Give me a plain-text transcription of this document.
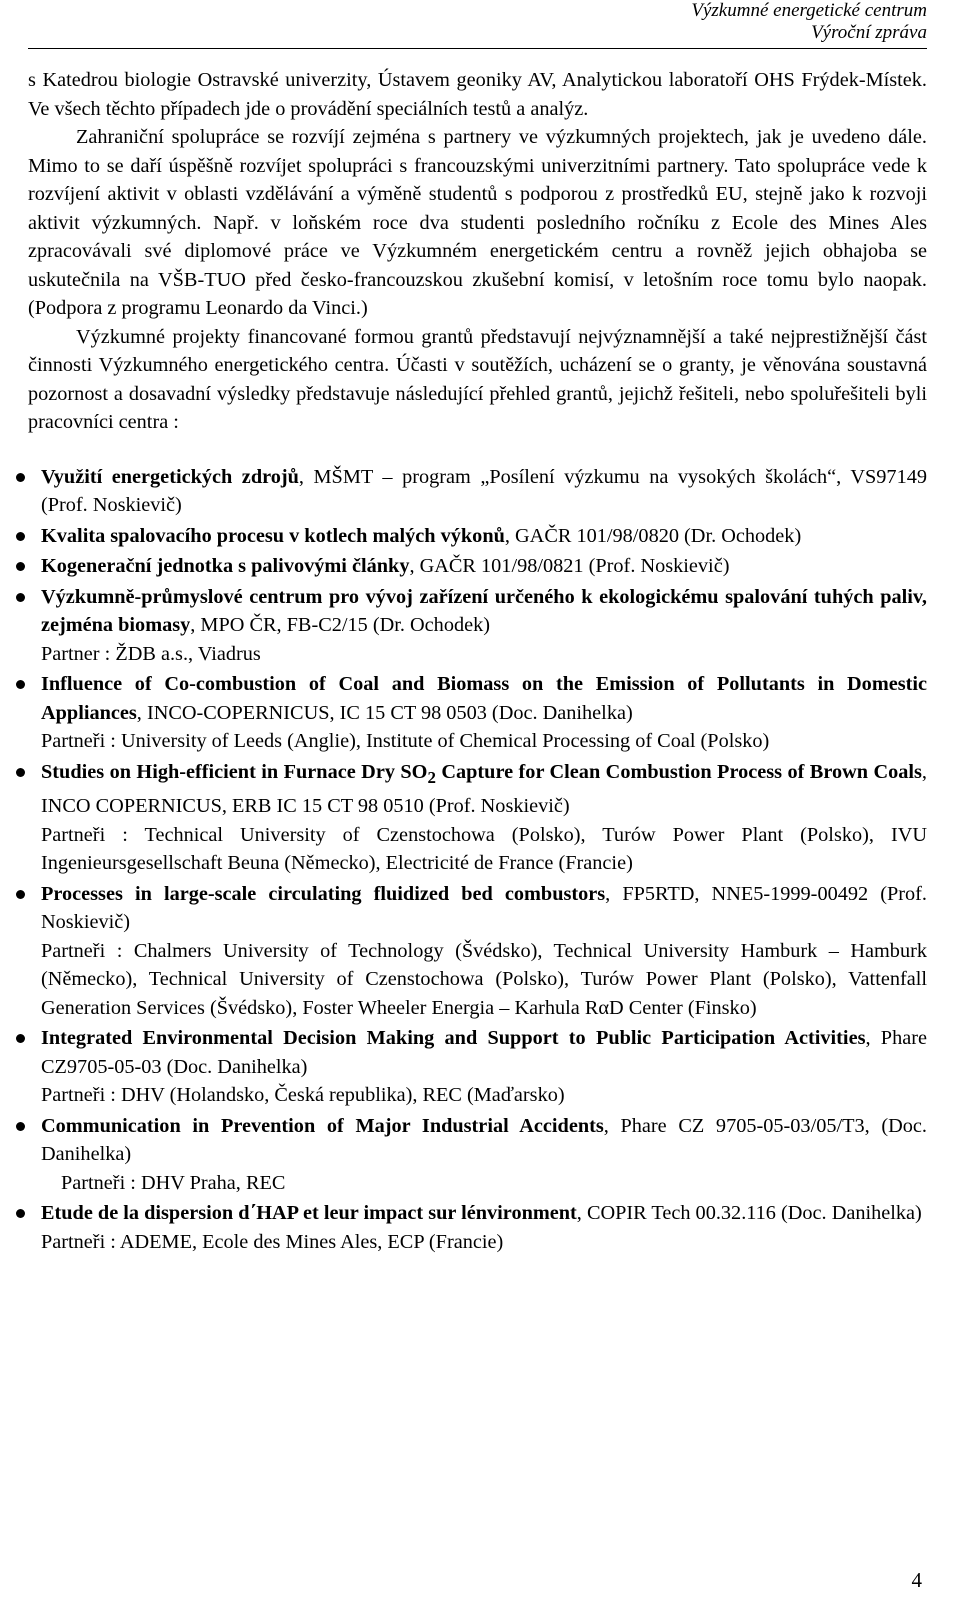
Výzkumné energetické centrum
Výroční zpráva

s Katedrou biologie Ostravské univerzity, Ústavem geoniky AV, Analytickou laboratoří OHS Frýdek-Místek. Ve všech těchto případech jde o provádění speciálních testů a analýz.

Zahraniční spolupráce se rozvíjí zejména s partnery ve výzkumných projektech, jak je uvedeno dále. Mimo to se daří úspěšně rozvíjet spolupráci s francouzskými univerzitními partnery. Tato spolupráce vede k rozvíjení aktivit v oblasti vzdělávání a výměně studentů s podporou z prostředků EU, stejně jako k rozvoji aktivit výzkumných. Např. v loňském roce dva studenti posledního ročníku z Ecole des Mines Ales zpracovávali své diplomové práce ve Výzkumném energetickém centru a rovněž jejich obhajoba se uskutečnila na VŠB-TUO před česko-francouzskou zkušební komisí, v letošním roce tomu bylo naopak. (Podpora z programu Leonardo da Vinci.)

Výzkumné projekty financované formou grantů představují nejvýznamnější a také nejprestižnější část činnosti Výzkumného energetického centra. Účasti v soutěžích, ucházení se o granty, je věnována soustavná pozornost a dosavadní výsledky představuje následující přehled grantů, jejichž řešiteli, nebo spoluřešiteli byli pracovníci centra :

Využití energetických zdrojů, MŠMT – program „Posílení výzkumu na vysokých školách“, VS97149 (Prof. Noskievič)
Kvalita spalovacího procesu v kotlech malých výkonů, GAČR 101/98/0820 (Dr. Ochodek)
Kogenerační jednotka s palivovými články, GAČR 101/98/0821 (Prof. Noskievič)
Výzkumně-průmyslové centrum pro vývoj zařízení určeného k ekologickému spalování tuhých paliv, zejména biomasy, MPO ČR, FB-C2/15 (Dr. Ochodek)
Partner : ŽDB a.s., Viadrus
Influence of Co-combustion of Coal and Biomass on the Emission of Pollutants in Domestic Appliances, INCO-COPERNICUS, IC 15 CT 98 0503 (Doc. Danihelka)
Partneři : University of Leeds (Anglie), Institute of Chemical Processing of Coal (Polsko)
Studies on High-efficient in Furnace Dry $SO_2$ Capture for Clean Combustion Process of Brown Coals, INCO COPERNICUS, ERB IC 15 CT 98 0510 (Prof. Noskievič)
Partneři : Technical University of Czenstochowa (Polsko), Turów Power Plant (Polsko), IVU Ingenieursgesellschaft Beuna (Německo), Electricité de France (Francie)
Processes in large-scale circulating fluidized bed combustors, FP5RTD, NNE5-1999-00492 (Prof. Noskievič)
Partneři : Chalmers University of Technology (Švédsko), Technical University Hamburk – Hamburk (Německo), Technical University of Czenstochowa (Polsko), Turów Power Plant (Polsko), Vattenfall Generation Services (Švédsko), Foster Wheeler Energia – Karhula RαD Center (Finsko)
Integrated Environmental Decision Making and Support to Public Participation Activities, Phare CZ9705-05-03 (Doc. Danihelka)
Partneři : DHV (Holandsko, Česká republika), REC (Maďarsko)
Communication in Prevention of Major Industrial Accidents, Phare CZ 9705-05-03/05/T3, (Doc. Danihelka)
Partneři : DHV Praha, REC
Etude de la dispersion d΄HAP et leur impact sur lénvironment, COPIR Tech 00.32.116 (Doc. Danihelka)
Partneři : ADEME, Ecole des Mines Ales, ECP (Francie)
4
